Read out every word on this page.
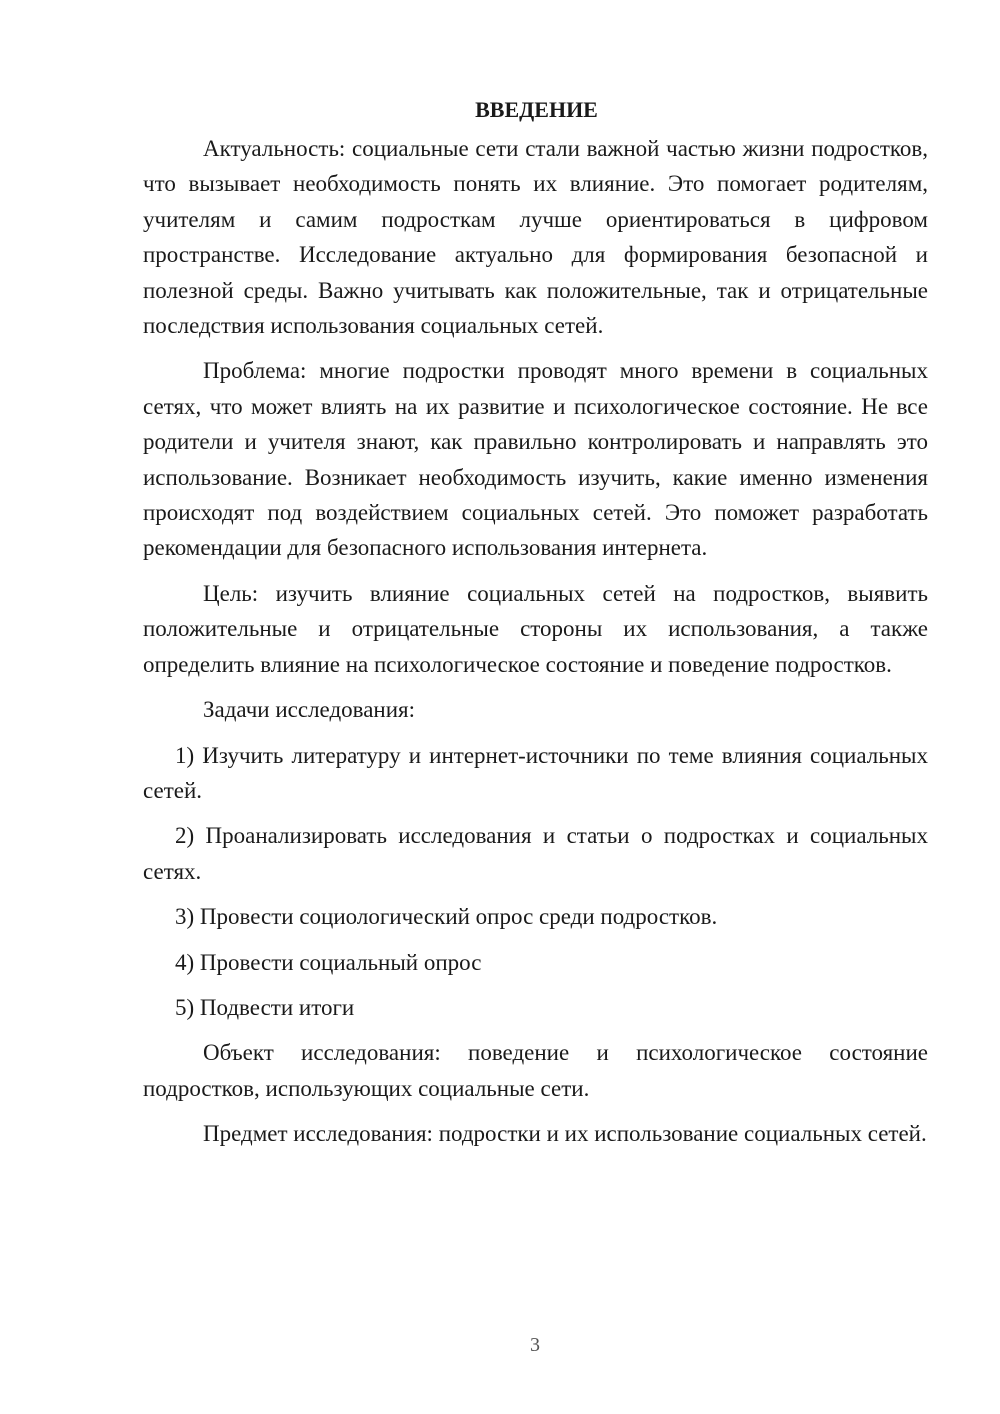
ВВЕДЕНИЕ

Актуальность: социальные сети стали важной частью жизни подростков, что вызывает необходимость понять их влияние. Это помогает родителям, учителям и самим подросткам лучше ориентироваться в цифровом пространстве. Исследование актуально для формирования безопасной и полезной среды. Важно учитывать как положительные, так и отрицательные последствия использования социальных сетей.

Проблема: многие подростки проводят много времени в социальных сетях, что может влиять на их развитие и психологическое состояние. Не все родители и учителя знают, как правильно контролировать и направлять это использование. Возникает необходимость изучить, какие именно изменения происходят под воздействием социальных сетей. Это поможет разработать рекомендации для безопасного использования интернета.

Цель: изучить влияние социальных сетей на подростков, выявить положительные и отрицательные стороны их использования, а также определить влияние на психологическое состояние и поведение подростков.

Задачи исследования:

1) Изучить литературу и интернет-источники по теме влияния социальных сетей.

2) Проанализировать исследования и статьи о подростках и социальных сетях.

3) Провести социологический опрос среди подростков.

4) Провести социальный опрос

5) Подвести итоги

Объект исследования: поведение и психологическое состояние подростков, использующих социальные сети.

Предмет исследования: подростки и их использование социальных сетей.

3
